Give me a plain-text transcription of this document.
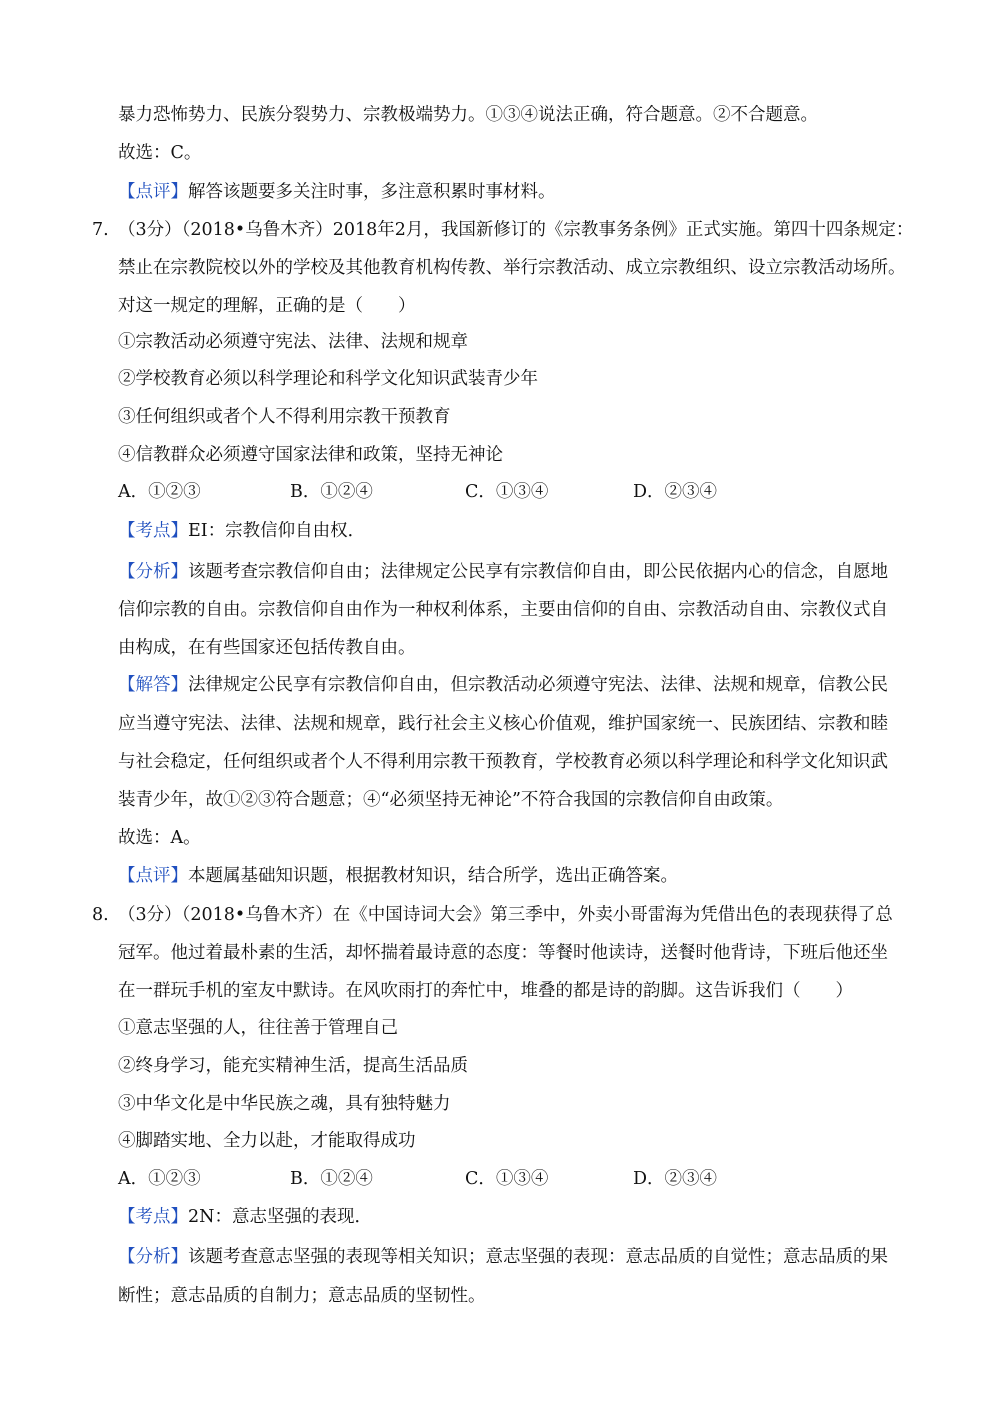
暴力恐怖势力、民族分裂势力、宗教极端势力。①③④说法正确，符合题意。②不合题意。
故选：C。
【点评】解答该题要多关注时事，多注意积累时事材料。
7. （3分）（2018•乌鲁木齐）2018年2月，我国新修订的《宗教事务条例》正式实施。第四十四条规定：
禁止在宗教院校以外的学校及其他教育机构传教、举行宗教活动、成立宗教组织、设立宗教活动场所。
对这一规定的理解，正确的是（　　）
①宗教活动必须遵守宪法、法律、法规和规章
②学校教育必须以科学理论和科学文化知识武装青少年
③任何组织或者个人不得利用宗教干预教育
④信教群众必须遵守国家法律和政策，坚持无神论
A．①②③	B．①②④	C．①③④	D．②③④
【考点】EI：宗教信仰自由权．
【分析】该题考查宗教信仰自由；法律规定公民享有宗教信仰自由，即公民依据内心的信念，自愿地
信仰宗教的自由。宗教信仰自由作为一种权利体系，主要由信仰的自由、宗教活动自由、宗教仪式自
由构成，在有些国家还包括传教自由。
【解答】法律规定公民享有宗教信仰自由，但宗教活动必须遵守宪法、法律、法规和规章，信教公民
应当遵守宪法、法律、法规和规章，践行社会主义核心价值观，维护国家统一、民族团结、宗教和睦
与社会稳定，任何组织或者个人不得利用宗教干预教育，学校教育必须以科学理论和科学文化知识武
装青少年，故①②③符合题意；④“必须坚持无神论”不符合我国的宗教信仰自由政策。
故选：A。
【点评】本题属基础知识题，根据教材知识，结合所学，选出正确答案。
8. （3分）（2018•乌鲁木齐）在《中国诗词大会》第三季中，外卖小哥雷海为凭借出色的表现获得了总
冠军。他过着最朴素的生活，却怀揣着最诗意的态度：等餐时他读诗，送餐时他背诗，下班后他还坐
在一群玩手机的室友中默诗。在风吹雨打的奔忙中，堆叠的都是诗的韵脚。这告诉我们（　　）
①意志坚强的人，往往善于管理自己
②终身学习，能充实精神生活，提高生活品质
③中华文化是中华民族之魂，具有独特魅力
④脚踏实地、全力以赴，才能取得成功
A．①②③	B．①②④	C．①③④	D．②③④
【考点】2N：意志坚强的表现．
【分析】该题考查意志坚强的表现等相关知识；意志坚强的表现：意志品质的自觉性；意志品质的果
断性；意志品质的自制力；意志品质的坚韧性。
